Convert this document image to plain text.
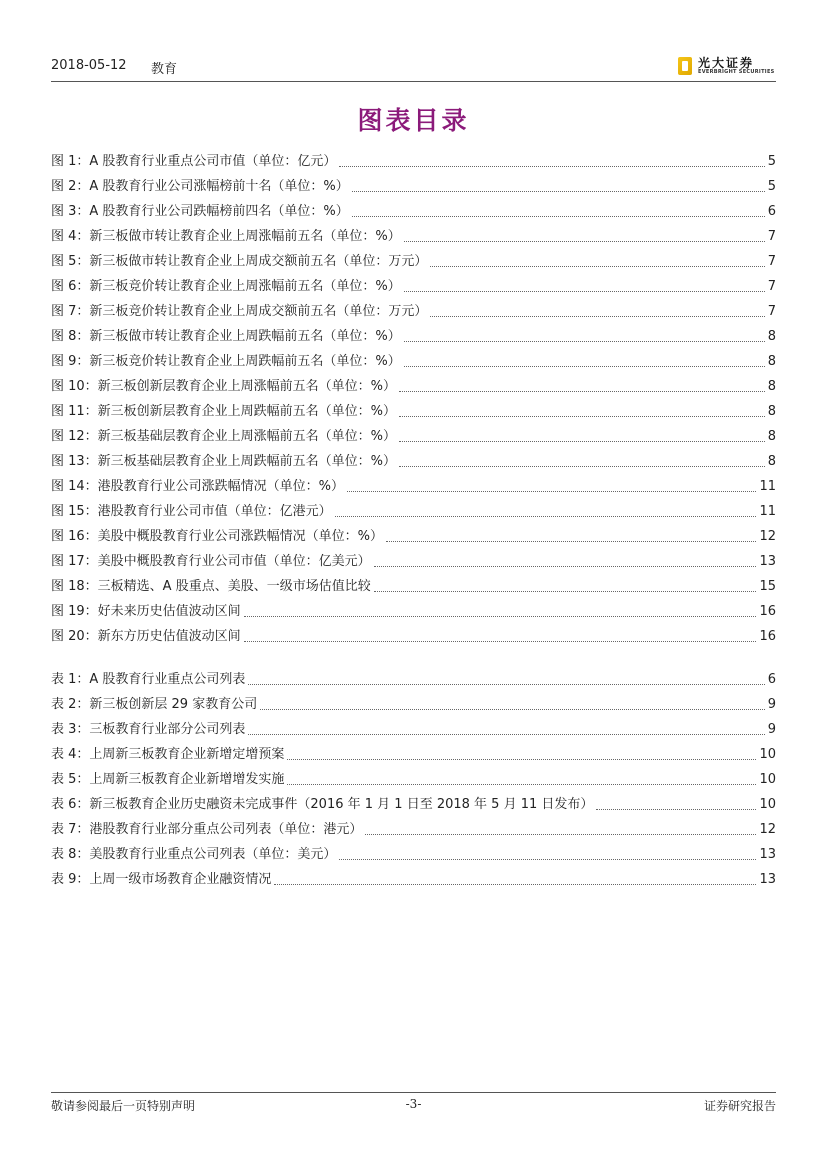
2018-05-12 教育	光大证券
EVERBRIGHT SECURITIES
图表目录
图 1：A 股教育行业重点公司市值（单位：亿元）	5
图 2：A 股教育行业公司涨幅榜前十名（单位：%）	5
图 3：A 股教育行业公司跌幅榜前四名（单位：%）	6
图 4：新三板做市转让教育企业上周涨幅前五名（单位：%）	7
图 5：新三板做市转让教育企业上周成交额前五名（单位：万元）	7
图 6：新三板竞价转让教育企业上周涨幅前五名（单位：%）	7
图 7：新三板竞价转让教育企业上周成交额前五名（单位：万元）	7
图 8：新三板做市转让教育企业上周跌幅前五名（单位：%）	8
图 9：新三板竞价转让教育企业上周跌幅前五名（单位：%）	8
图 10：新三板创新层教育企业上周涨幅前五名（单位：%）	8
图 11：新三板创新层教育企业上周跌幅前五名（单位：%）	8
图 12：新三板基础层教育企业上周涨幅前五名（单位：%）	8
图 13：新三板基础层教育企业上周跌幅前五名（单位：%）	8
图 14：港股教育行业公司涨跌幅情况（单位：%）	11
图 15：港股教育行业公司市值（单位：亿港元）	11
图 16：美股中概股教育行业公司涨跌幅情况（单位：%）	12
图 17：美股中概股教育行业公司市值（单位：亿美元）	13
图 18：三板精选、A 股重点、美股、一级市场估值比较	15
图 19：好未来历史估值波动区间	16
图 20：新东方历史估值波动区间	16
表 1：A 股教育行业重点公司列表	6
表 2：新三板创新层 29 家教育公司	9
表 3：三板教育行业部分公司列表	9
表 4：上周新三板教育企业新增定增预案	10
表 5：上周新三板教育企业新增增发实施	10
表 6：新三板教育企业历史融资未完成事件（2016 年 1 月 1 日至 2018 年 5 月 11 日发布）	10
表 7：港股教育行业部分重点公司列表（单位：港元）	12
表 8：美股教育行业重点公司列表（单位：美元）	13
表 9：上周一级市场教育企业融资情况	13
敬请参阅最后一页特别声明	-3-	证券研究报告
